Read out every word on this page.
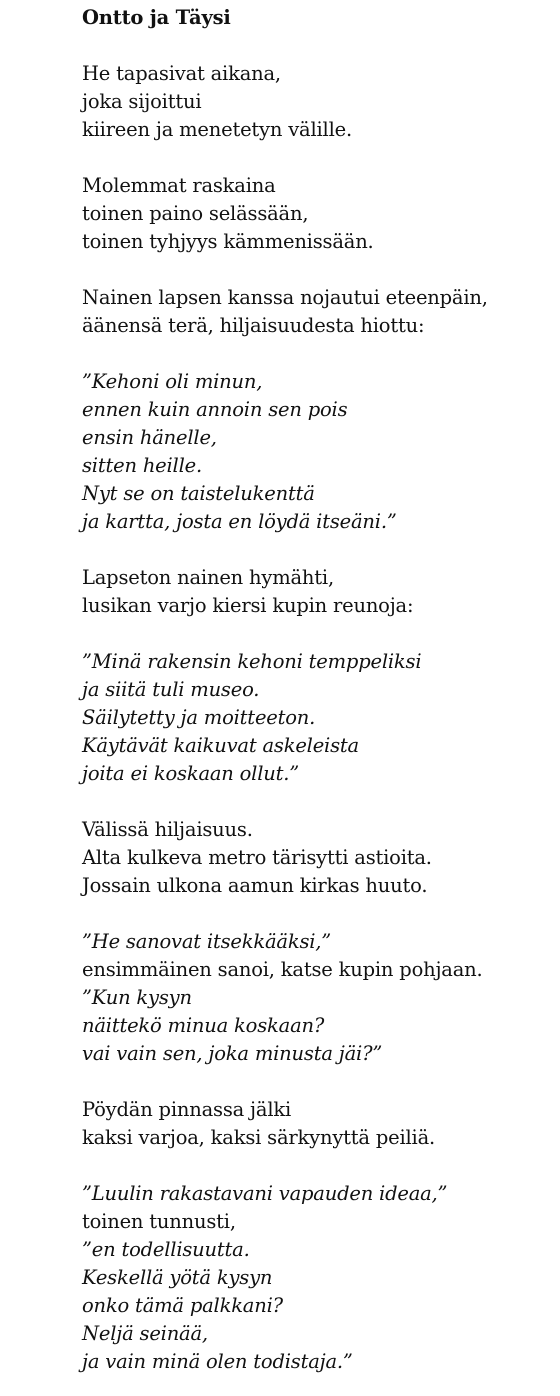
Ontto ja Täysi
He tapasivat aikana,
joka sijoittui
kiireen ja menetetyn välille.
Molemmat raskaina
toinen paino selässään,
toinen tyhjyys kämmenissään.
Nainen lapsen kanssa nojautui eteenpäin,
äänensä terä, hiljaisuudesta hiottu:
”Kehoni oli minun,
ennen kuin annoin sen pois
ensin hänelle,
sitten heille.
Nyt se on taistelukenttä
ja kartta, josta en löydä itseäni.”
Lapseton nainen hymähti,
lusikan varjo kiersi kupin reunoja:
”Minä rakensin kehoni temppeliksi
ja siitä tuli museo.
Säilytetty ja moitteeton.
Käytävät kaikuvat askeleista
joita ei koskaan ollut.”
Välissä hiljaisuus.
Alta kulkeva metro tärisytti astioita.
Jossain ulkona aamun kirkas huuto.
”He sanovat itsekkääksi,”
ensimmäinen sanoi, katse kupin pohjaan.
”Kun kysyn
näittekö minua koskaan?
vai vain sen, joka minusta jäi?”
Pöydän pinnassa jälki
kaksi varjoa, kaksi särkynyttä peiliä.
”Luulin rakastavani vapauden ideaa,”
toinen tunnusti,
”en todellisuutta.
Keskellä yötä kysyn
onko tämä palkkani?
Neljä seinää,
ja vain minä olen todistaja.”
